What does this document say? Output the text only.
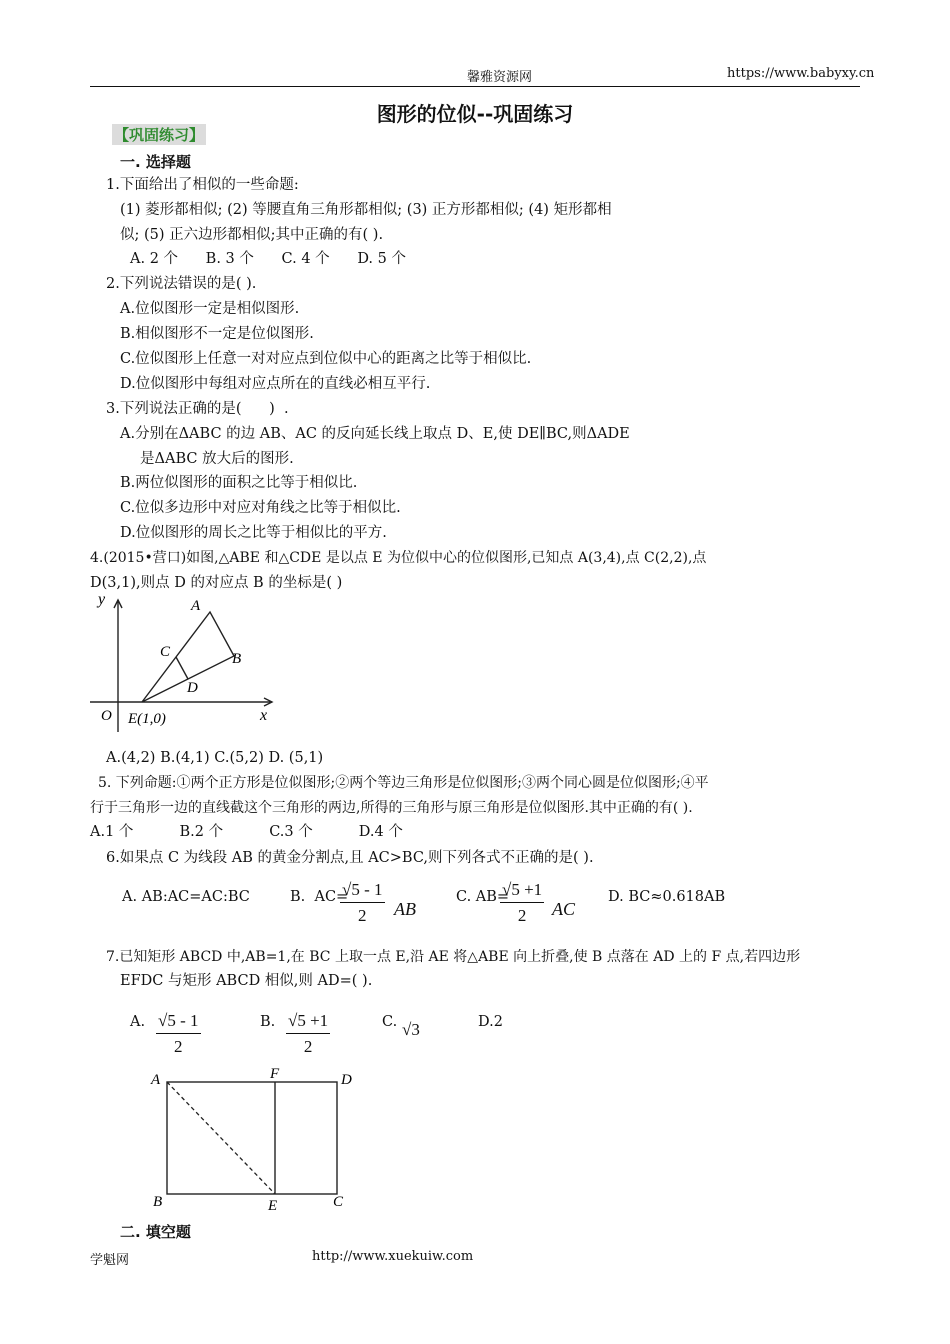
馨雅资源网	https://www.babyxy.cn
图形的位似--巩固练习
【巩固练习】
一. 选择题
1.下面给出了相似的一些命题:
(1) 菱形都相似; (2) 等腰直角三角形都相似; (3) 正方形都相似; (4) 矩形都相
似; (5) 正六边形都相似;其中正确的有( ).
A. 2 个      B. 3 个      C. 4 个      D. 5 个
2.下列说法错误的是( ).
A.位似图形一定是相似图形.
B.相似图形不一定是位似图形.
C.位似图形上任意一对对应点到位似中心的距离之比等于相似比.
D.位似图形中每组对应点所在的直线必相互平行.
3.下列说法正确的是(      )  .
A.分别在ΔABC 的边 AB、AC 的反向延长线上取点 D、E,使 DE∥BC,则ΔADE
是ΔABC 放大后的图形.
B.两位似图形的面积之比等于相似比.
C.位似多边形中对应对角线之比等于相似比.
D.位似图形的周长之比等于相似比的平方.
4.(2015•营口)如图,△ABE 和△CDE 是以点 E 为位似中心的位似图形,已知点 A(3,4),点 C(2,2),点
D(3,1),则点 D 的对应点 B 的坐标是( )
y
x
O E(1,0)
A
B
C
D
A.(4,2) B.(4,1) C.(5,2) D. (5,1)
5. 下列命题:①两个正方形是位似图形;②两个等边三角形是位似图形;③两个同心圆是位似图形;④平
行于三角形一边的直线截这个三角形的两边,所得的三角形与原三角形是位似图形.其中正确的有( ).
A.1 个          B.2 个          C.3 个          D.4 个
6.如果点 C 为线段 AB 的黄金分割点,且 AC>BC,则下列各式不正确的是( ).
A. AB:AC=AC:BC	B.  AC=
$\frac{√5 - 1}{2}$ AB
C. AB=
$\frac{√5 +1}{2}$ AC
D. BC≈0.618AB
7.已知矩形 ABCD 中,AB=1,在 BC 上取一点 E,沿 AE 将△ABE 向上折叠,使 B 点落在 AD 上的 F 点,若四边形
EFDC 与矩形 ABCD 相似,则 AD=( ).
A. $\frac{√5 - 1}{2}$	B. $\frac{√5 +1}{2}$	C. √3	D.2
A	F	D
B	E	C
二. 填空题
学魁网	http://www.xuekuiw.com
